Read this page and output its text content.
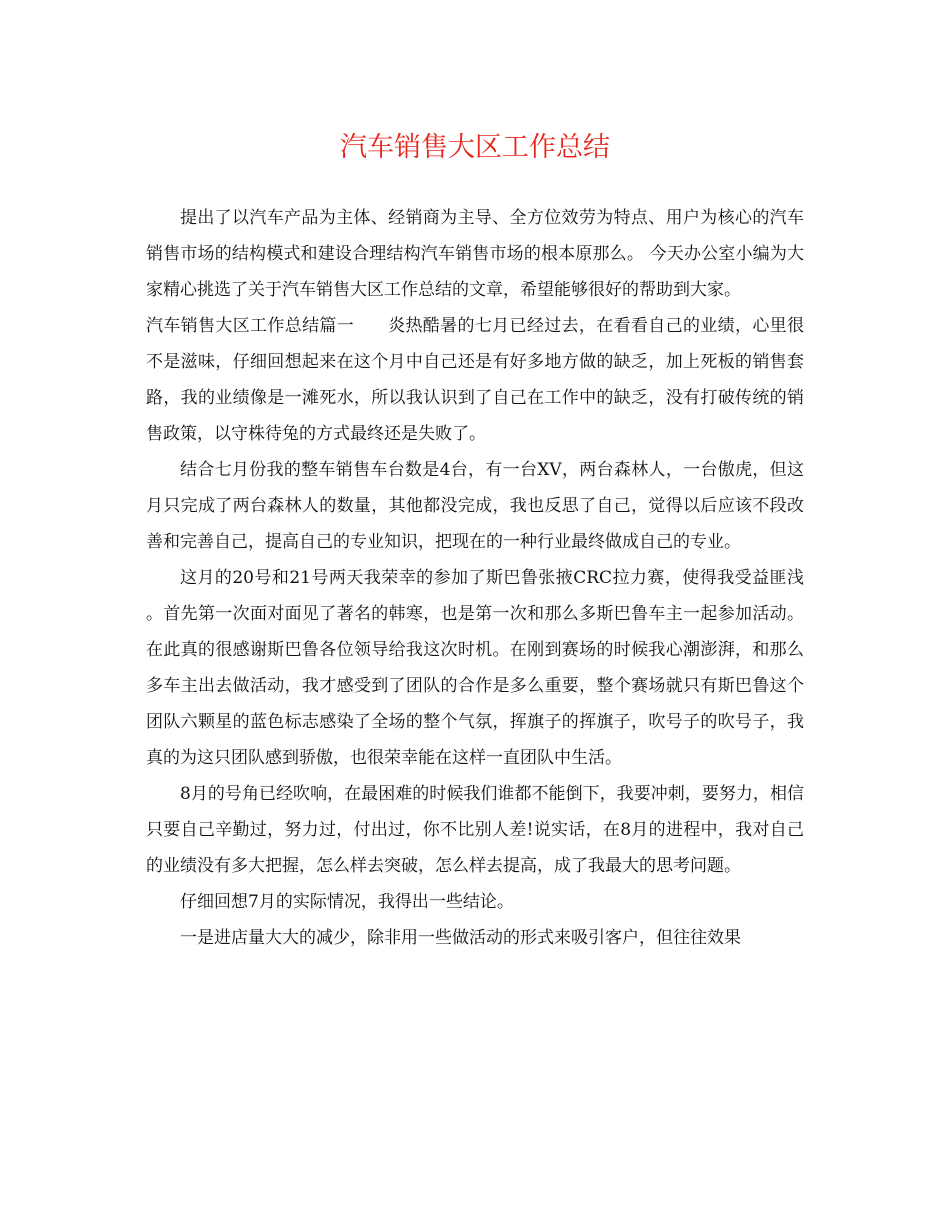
汽车销售大区工作总结

提出了以汽车产品为主体、经销商为主导、全方位效劳为特点、用户为核心的汽车销售市场的结构模式和建设合理结构汽车销售市场的根本原那么。 今天办公室小编为大家精心挑选了关于汽车销售大区工作总结的文章，希望能够很好的帮助到大家。

汽车销售大区工作总结篇一 炎热酷暑的七月已经过去，在看看自己的业绩，心里很不是滋味，仔细回想起来在这个月中自己还是有好多地方做的缺乏，加上死板的销售套路，我的业绩像是一滩死水，所以我认识到了自己在工作中的缺乏，没有打破传统的销售政策，以守株待兔的方式最终还是失败了。

结合七月份我的整车销售车台数是4台，有一台XV，两台森林人，一台傲虎，但这月只完成了两台森林人的数量，其他都没完成，我也反思了自己，觉得以后应该不段改善和完善自己，提高自己的专业知识，把现在的一种行业最终做成自己的专业。

这月的20号和21号两天我荣幸的参加了斯巴鲁张掖CRC拉力赛，使得我受益匪浅。首先第一次面对面见了著名的韩寒，也是第一次和那么多斯巴鲁车主一起参加活动。在此真的很感谢斯巴鲁各位领导给我这次时机。在刚到赛场的时候我心潮澎湃，和那么多车主出去做活动，我才感受到了团队的合作是多么重要，整个赛场就只有斯巴鲁这个团队六颗星的蓝色标志感染了全场的整个气氛，挥旗子的挥旗子，吹号子的吹号子，我真的为这只团队感到骄傲，也很荣幸能在这样一直团队中生活。

8月的号角已经吹响，在最困难的时候我们谁都不能倒下，我要冲刺，要努力，相信只要自己辛勤过，努力过，付出过，你不比别人差!说实话，在8月的进程中，我对自己的业绩没有多大把握，怎么样去突破，怎么样去提高，成了我最大的思考问题。

仔细回想7月的实际情况，我得出一些结论。

一是进店量大大的减少，除非用一些做活动的形式来吸引客户，但往往效果
